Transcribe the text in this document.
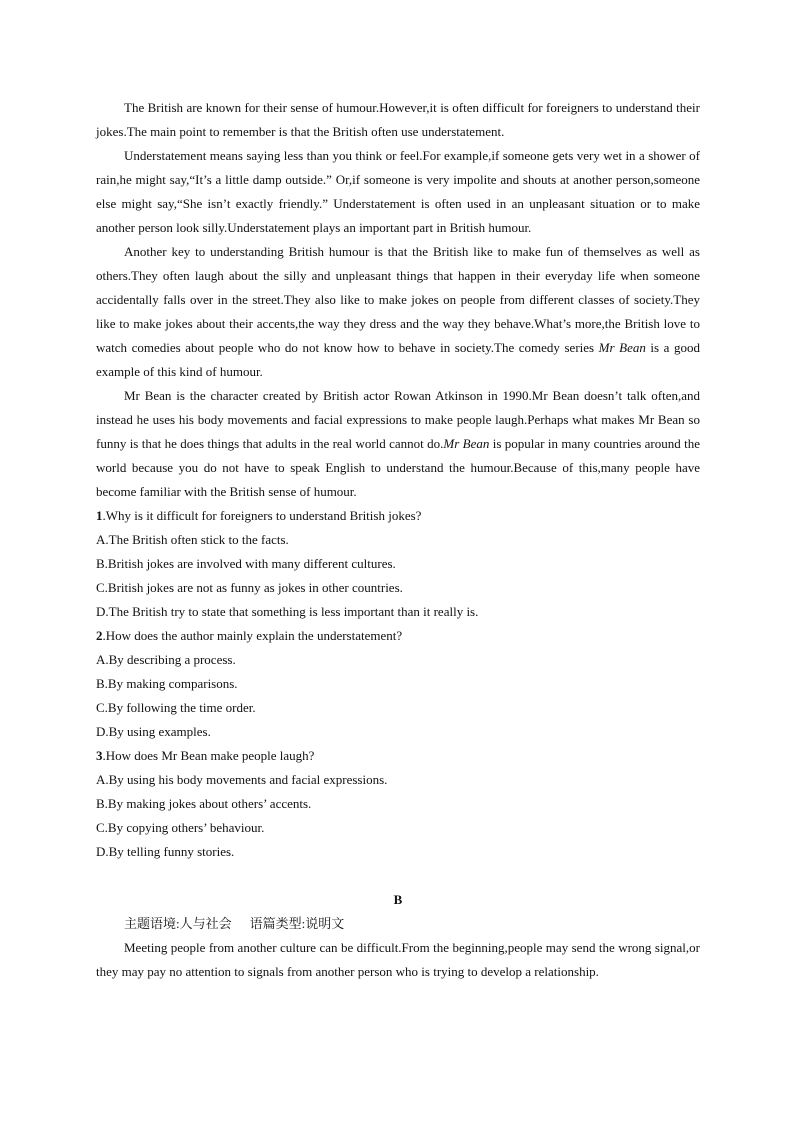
The British are known for their sense of humour.However,it is often difficult for foreigners to understand their jokes.The main point to remember is that the British often use understatement.

Understatement means saying less than you think or feel.For example,if someone gets very wet in a shower of rain,he might say,“It’s a little damp outside.” Or,if someone is very impolite and shouts at another person,someone else might say,“She isn’t exactly friendly.” Understatement is often used in an unpleasant situation or to make another person look silly.Understatement plays an important part in British humour.

Another key to understanding British humour is that the British like to make fun of themselves as well as others.They often laugh about the silly and unpleasant things that happen in their everyday life when someone accidentally falls over in the street.They also like to make jokes on people from different classes of society.They like to make jokes about their accents,the way they dress and the way they behave.What’s more,the British love to watch comedies about people who do not know how to behave in society.The comedy series Mr Bean is a good example of this kind of humour.

Mr Bean is the character created by British actor Rowan Atkinson in 1990.Mr Bean doesn’t talk often,and instead he uses his body movements and facial expressions to make people laugh.Perhaps what makes Mr Bean so funny is that he does things that adults in the real world cannot do.Mr Bean is popular in many countries around the world because you do not have to speak English to understand the humour.Because of this,many people have become familiar with the British sense of humour.

1.Why is it difficult for foreigners to understand British jokes?

A.The British often stick to the facts.

B.British jokes are involved with many different cultures.

C.British jokes are not as funny as jokes in other countries.

D.The British try to state that something is less important than it really is.

2.How does the author mainly explain the understatement?

A.By describing a process.

B.By making comparisons.

C.By following the time order.

D.By using examples.

3.How does Mr Bean make people laugh?

A.By using his body movements and facial expressions.

B.By making jokes about others’ accents.

C.By copying others’ behaviour.

D.By telling funny stories.

B

主题语境:人与社会 语篇类型:说明文

Meeting people from another culture can be difficult.From the beginning,people may send the wrong signal,or they may pay no attention to signals from another person who is trying to develop a relationship.
